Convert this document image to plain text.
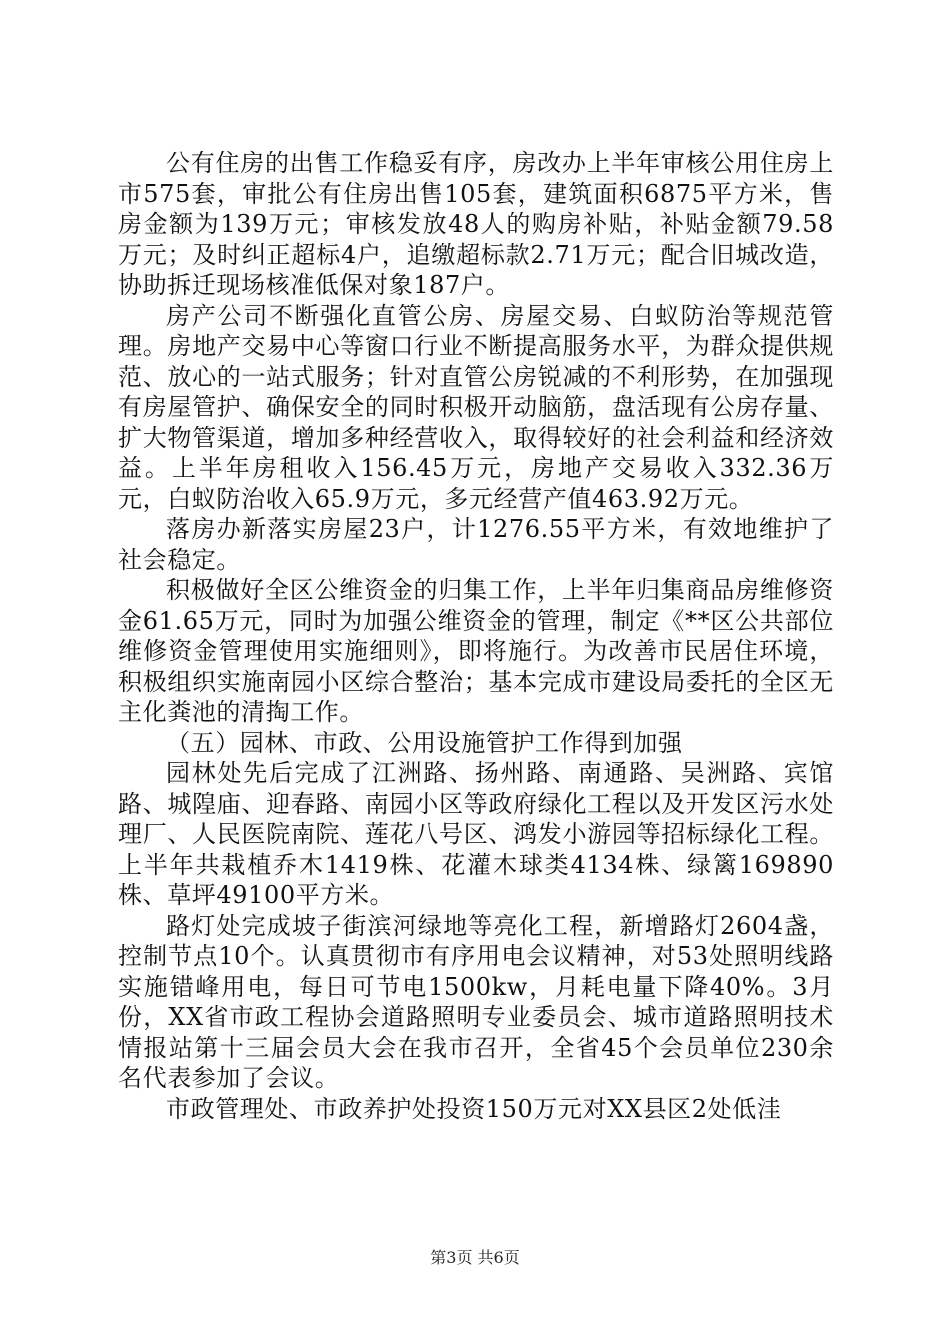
公有住房的出售工作稳妥有序，房改办上半年审核公用住房上市575套，审批公有住房出售105套，建筑面积6875平方米，售房金额为139万元；审核发放48人的购房补贴，补贴金额79.58万元；及时纠正超标4户，追缴超标款2.71万元；配合旧城改造，协助拆迁现场核准低保对象187户。

房产公司不断强化直管公房、房屋交易、白蚁防治等规范管理。房地产交易中心等窗口行业不断提高服务水平，为群众提供规范、放心的一站式服务；针对直管公房锐减的不利形势，在加强现有房屋管护、确保安全的同时积极开动脑筋，盘活现有公房存量、扩大物管渠道，增加多种经营收入，取得较好的社会利益和经济效益。上半年房租收入156.45万元，房地产交易收入332.36万元，白蚁防治收入65.9万元，多元经营产值463.92万元。

落房办新落实房屋23户，计1276.55平方米，有效地维护了社会稳定。

积极做好全区公维资金的归集工作，上半年归集商品房维修资金61.65万元，同时为加强公维资金的管理，制定《**区公共部位维修资金管理使用实施细则》，即将施行。为改善市民居住环境，积极组织实施南园小区综合整治；基本完成市建设局委托的全区无主化粪池的清掏工作。

（五）园林、市政、公用设施管护工作得到加强

园林处先后完成了江洲路、扬州路、南通路、吴洲路、宾馆路、城隍庙、迎春路、南园小区等政府绿化工程以及开发区污水处理厂、人民医院南院、莲花八号区、鸿发小游园等招标绿化工程。上半年共栽植乔木1419株、花灌木球类4134株、绿篱169890株、草坪49100平方米。

路灯处完成坡子街滨河绿地等亮化工程，新增路灯2604盏，控制节点10个。认真贯彻市有序用电会议精神，对53处照明线路实施错峰用电，每日可节电1500kw，月耗电量下降40%。3月份，XX省市政工程协会道路照明专业委员会、城市道路照明技术情报站第十三届会员大会在我市召开，全省45个会员单位230余名代表参加了会议。

市政管理处、市政养护处投资150万元对XX县区2处低洼

第3页 共6页
